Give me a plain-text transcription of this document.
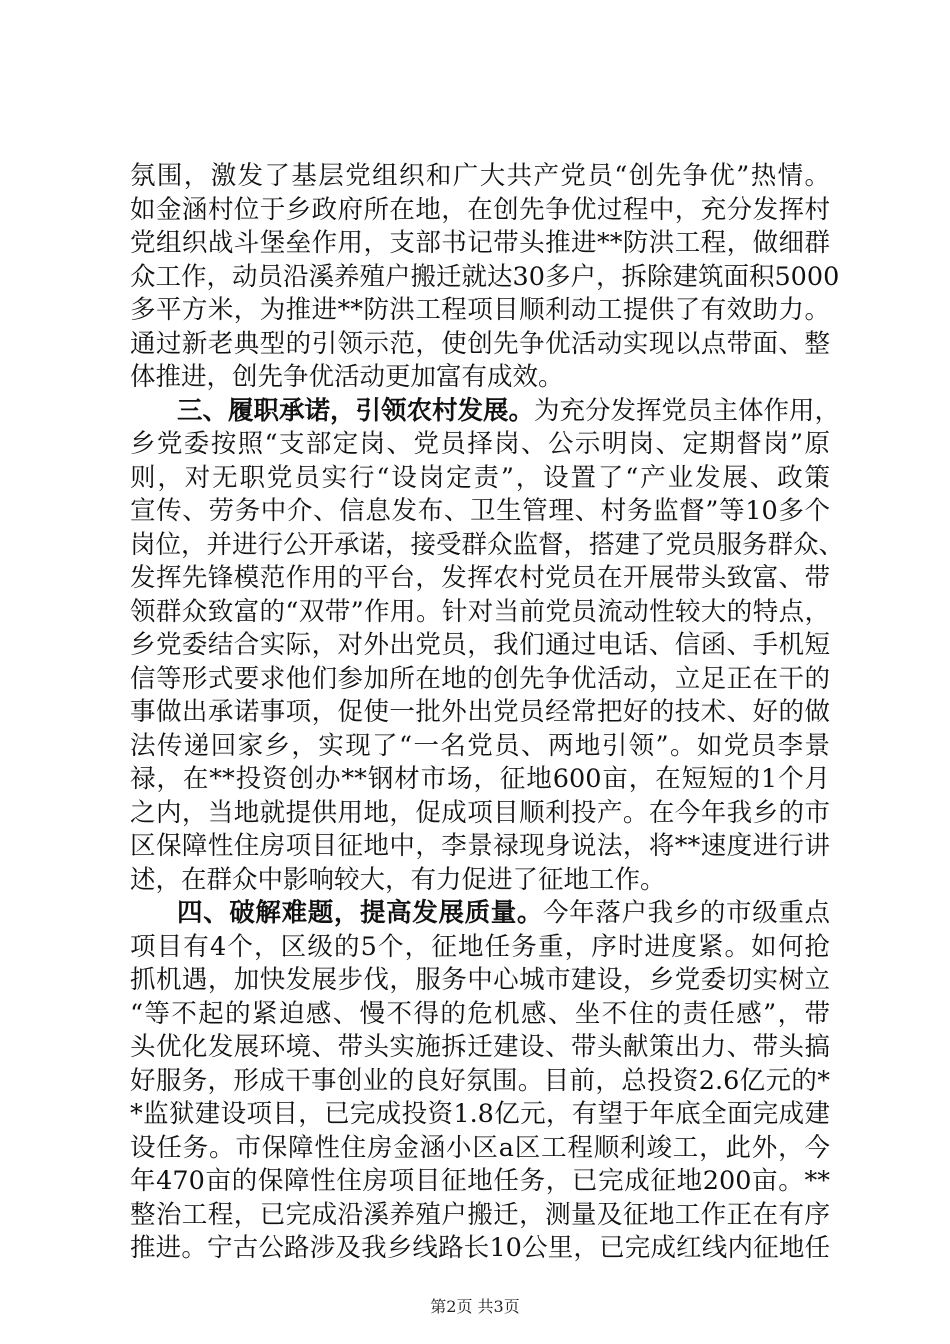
氛围，激发了基层党组织和广大共产党员“创先争优”热情。
如金涵村位于乡政府所在地，在创先争优过程中，充分发挥村
党组织战斗堡垒作用，支部书记带头推进**防洪工程，做细群
众工作，动员沿溪养殖户搬迁就达30多户，拆除建筑面积5000
多平方米，为推进**防洪工程项目顺利动工提供了有效助力。
通过新老典型的引领示范，使创先争优活动实现以点带面、整
体推进，创先争优活动更加富有成效。
三、履职承诺，引领农村发展。为充分发挥党员主体作用，
乡党委按照“支部定岗、党员择岗、公示明岗、定期督岗”原
则，对无职党员实行“设岗定责”，设置了“产业发展、政策
宣传、劳务中介、信息发布、卫生管理、村务监督”等10多个
岗位，并进行公开承诺，接受群众监督，搭建了党员服务群众、
发挥先锋模范作用的平台，发挥农村党员在开展带头致富、带
领群众致富的“双带”作用。针对当前党员流动性较大的特点，
乡党委结合实际，对外出党员，我们通过电话、信函、手机短
信等形式要求他们参加所在地的创先争优活动，立足正在干的
事做出承诺事项，促使一批外出党员经常把好的技术、好的做
法传递回家乡，实现了“一名党员、两地引领”。如党员李景
禄，在**投资创办**钢材市场，征地600亩，在短短的1个月
之内，当地就提供用地，促成项目顺利投产。在今年我乡的市
区保障性住房项目征地中，李景禄现身说法，将**速度进行讲
述，在群众中影响较大，有力促进了征地工作。
四、破解难题，提高发展质量。今年落户我乡的市级重点
项目有4个，区级的5个，征地任务重，序时进度紧。如何抢
抓机遇，加快发展步伐，服务中心城市建设，乡党委切实树立
“等不起的紧迫感、慢不得的危机感、坐不住的责任感”，带
头优化发展环境、带头实施拆迁建设、带头献策出力、带头搞
好服务，形成干事创业的良好氛围。目前，总投资2.6亿元的*
*监狱建设项目，已完成投资1.8亿元，有望于年底全面完成建
设任务。市保障性住房金涵小区a区工程顺利竣工，此外，今
年470亩的保障性住房项目征地任务，已完成征地200亩。**
整治工程，已完成沿溪养殖户搬迁，测量及征地工作正在有序
推进。宁古公路涉及我乡线路长10公里，已完成红线内征地任
第2页 共3页
